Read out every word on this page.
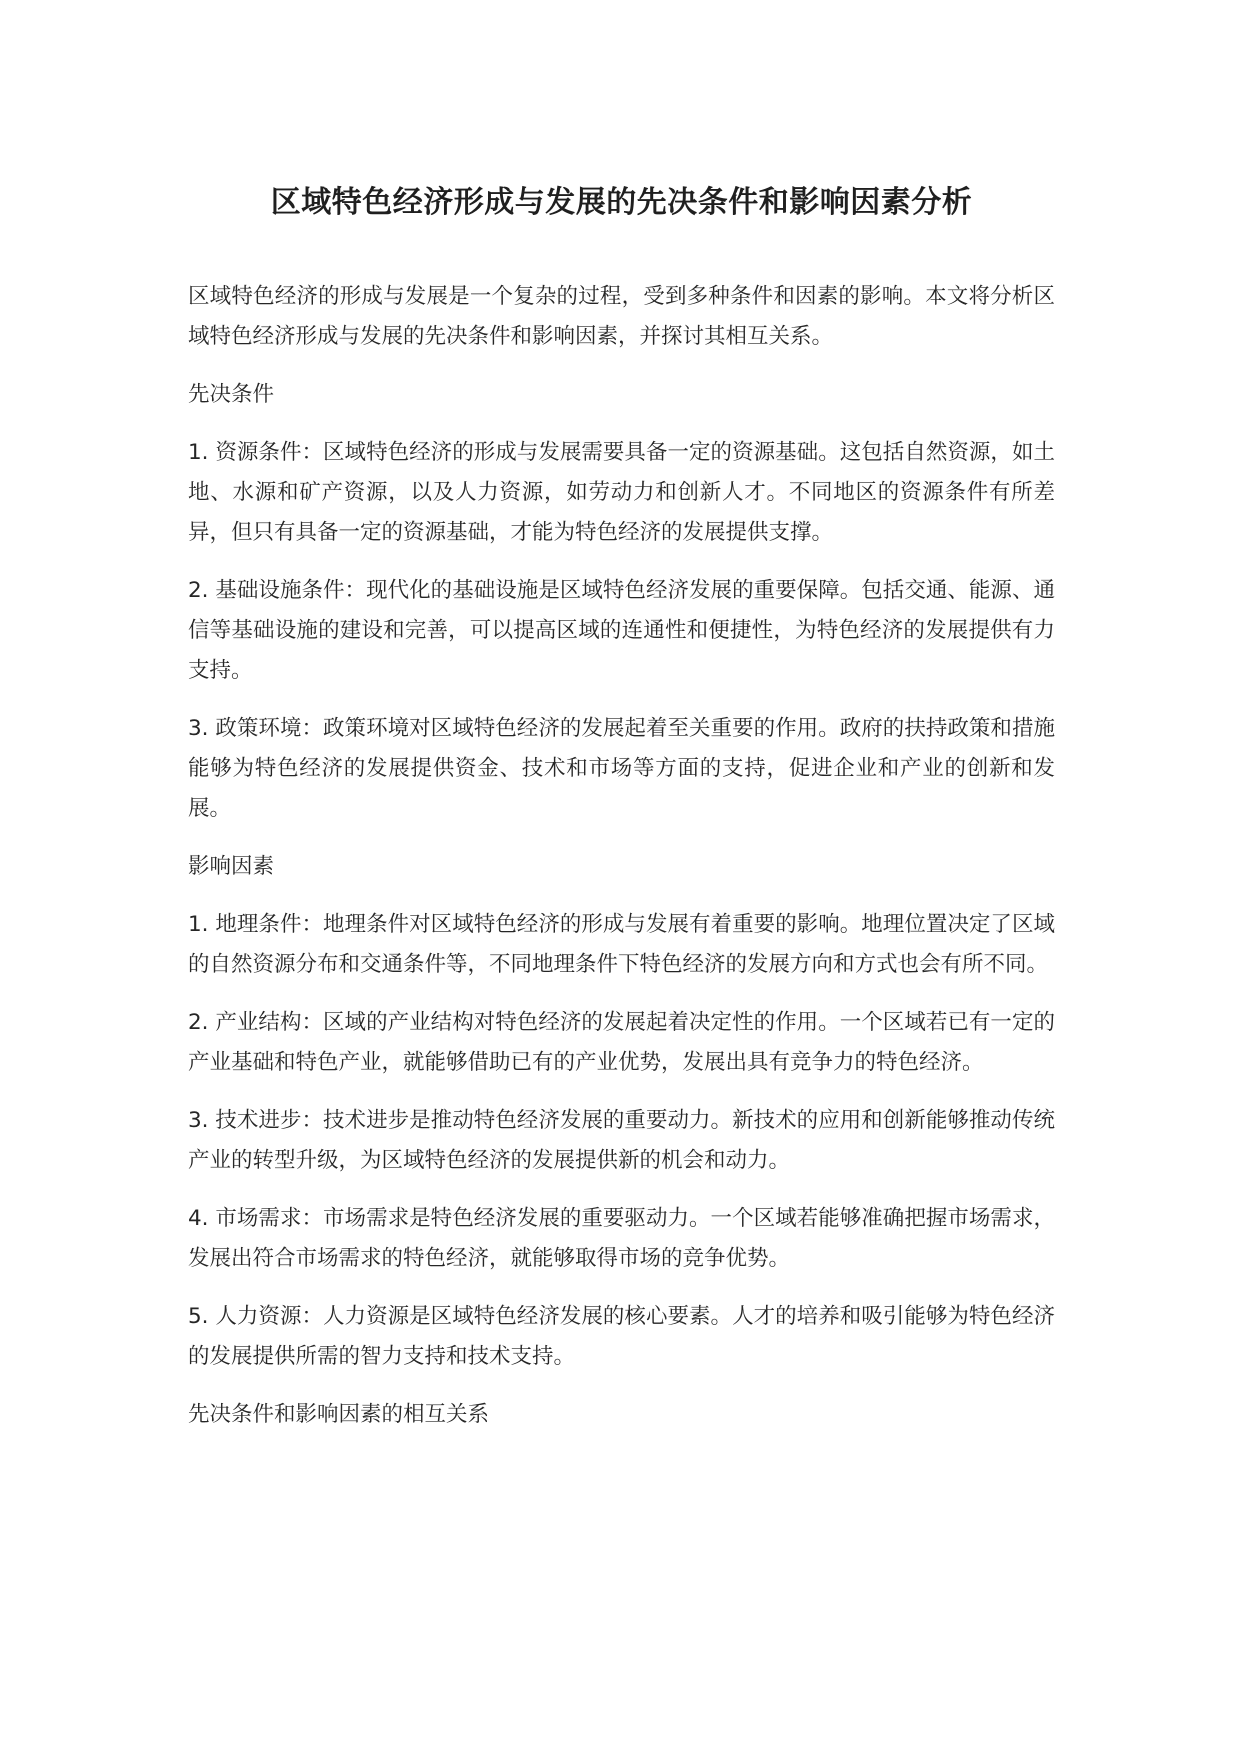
区域特色经济形成与发展的先决条件和影响因素分析

区域特色经济的形成与发展是一个复杂的过程，受到多种条件和因素的影响。本文将分析区域特色经济形成与发展的先决条件和影响因素，并探讨其相互关系。

先决条件

1. 资源条件：区域特色经济的形成与发展需要具备一定的资源基础。这包括自然资源，如土地、水源和矿产资源，以及人力资源，如劳动力和创新人才。不同地区的资源条件有所差异，但只有具备一定的资源基础，才能为特色经济的发展提供支撑。

2. 基础设施条件：现代化的基础设施是区域特色经济发展的重要保障。包括交通、能源、通信等基础设施的建设和完善，可以提高区域的连通性和便捷性，为特色经济的发展提供有力支持。

3. 政策环境：政策环境对区域特色经济的发展起着至关重要的作用。政府的扶持政策和措施能够为特色经济的发展提供资金、技术和市场等方面的支持，促进企业和产业的创新和发展。

影响因素

1. 地理条件：地理条件对区域特色经济的形成与发展有着重要的影响。地理位置决定了区域的自然资源分布和交通条件等，不同地理条件下特色经济的发展方向和方式也会有所不同。

2. 产业结构：区域的产业结构对特色经济的发展起着决定性的作用。一个区域若已有一定的产业基础和特色产业，就能够借助已有的产业优势，发展出具有竞争力的特色经济。

3. 技术进步：技术进步是推动特色经济发展的重要动力。新技术的应用和创新能够推动传统产业的转型升级，为区域特色经济的发展提供新的机会和动力。

4. 市场需求：市场需求是特色经济发展的重要驱动力。一个区域若能够准确把握市场需求，发展出符合市场需求的特色经济，就能够取得市场的竞争优势。

5. 人力资源：人力资源是区域特色经济发展的核心要素。人才的培养和吸引能够为特色经济的发展提供所需的智力支持和技术支持。

先决条件和影响因素的相互关系
